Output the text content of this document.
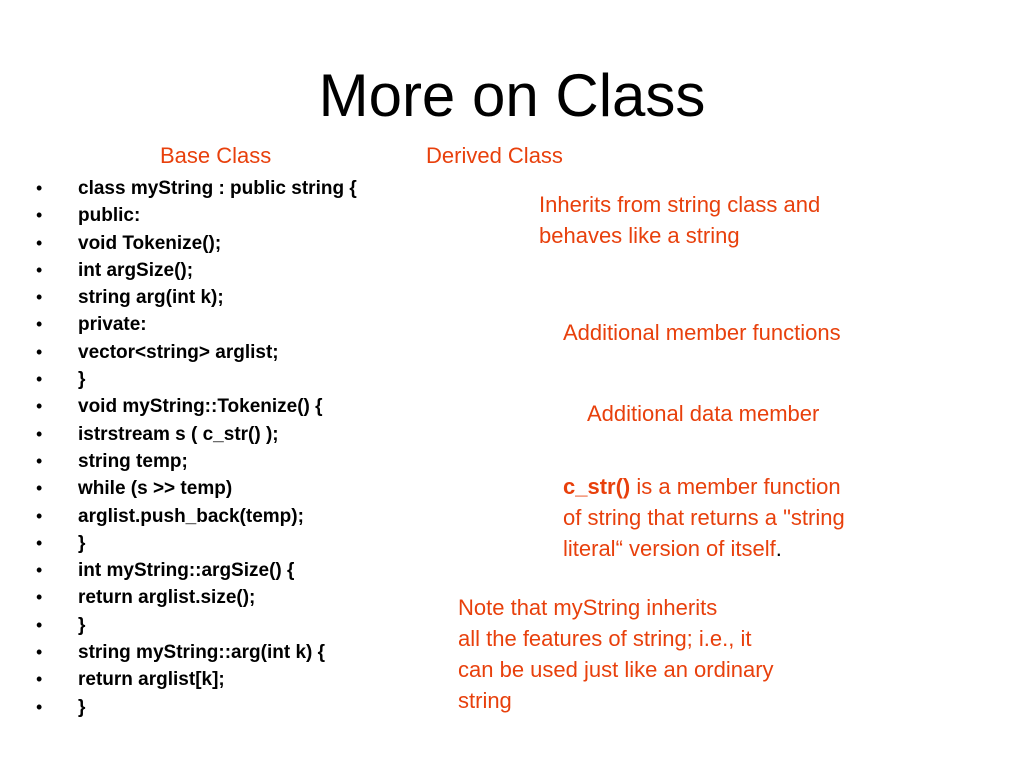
More on Class
Base Class	Derived Class
• class myString : public string {
• public:
• void Tokenize();
• int argSize();
• string arg(int k);
• private:
• vector<string> arglist;
• }
• void myString::Tokenize() {
• istrstream s ( c_str() );
• string temp;
• while (s >> temp)
• arglist.push_back(temp);
• }
• int myString::argSize() {
• return arglist.size();
• }
• string myString::arg(int k) {
• return arglist[k];
• }
Inherits from string class and
behaves like a string
Additional member functions
Additional data member
c_str() is a member function
of string that returns a "string
literal“ version of itself.
Note that myString inherits
all the features of string; i.e., it
can be used just like an ordinary
string
